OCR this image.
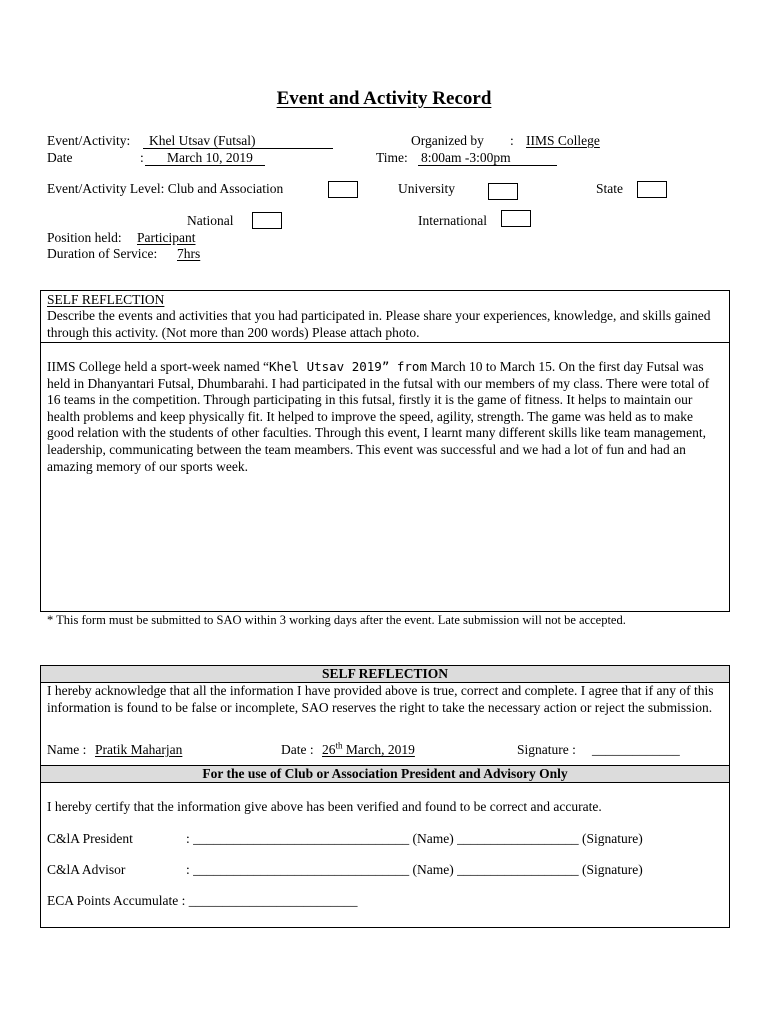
Event and Activity Record
Event/Activity:	Khel Utsav (Futsal)	Organized by : IIMS College
Date	:	March 10, 2019	Time: 8:00am -3:00pm
Event/Activity Level: Club and Association	University	State
National	International
Position held: Participant
Duration of Service: 7hrs
SELF REFLECTION
Describe the events and activities that you had participated in. Please share your experiences, knowledge, and skills gained through this activity. (Not more than 200 words) Please attach photo.
IIMS College held a sport-week named “Khel Utsav 2019” from March 10 to March 15. On the first day Futsal was held in Dhanyantari Futsal, Dhumbarahi. I had participated in the futsal with our members of my class. There were total of 16 teams in the competition. Through participating in this futsal, firstly it is the game of fitness. It helps to maintain our health problems and keep physically fit. It helped to improve the speed, agility, strength. The game was held as to make good relation with the students of other faculties. Through this event, I learnt many different skills like team management, leadership, communicating between the team meambers. This event was successful and we had a lot of fun and had an amazing memory of our sports week.
* This form must be submitted to SAO within 3 working days after the event. Late submission will not be accepted.
SELF REFLECTION
I hereby acknowledge that all the information I have provided above is true, correct and complete. I agree that if any of this information is found to be false or incomplete, SAO reserves the right to take the necessary action or reject the submission.
Name : Pratik Maharjan	Date : 26th March, 2019	Signature : _____________
For the use of Club or Association President and Advisory Only
I hereby certify that the information give above has been verified and found to be correct and accurate.
C&lA President	: ________________________________ (Name) __________________ (Signature)
C&lA Advisor	: ________________________________ (Name) __________________ (Signature)
ECA Points Accumulate : _________________________
